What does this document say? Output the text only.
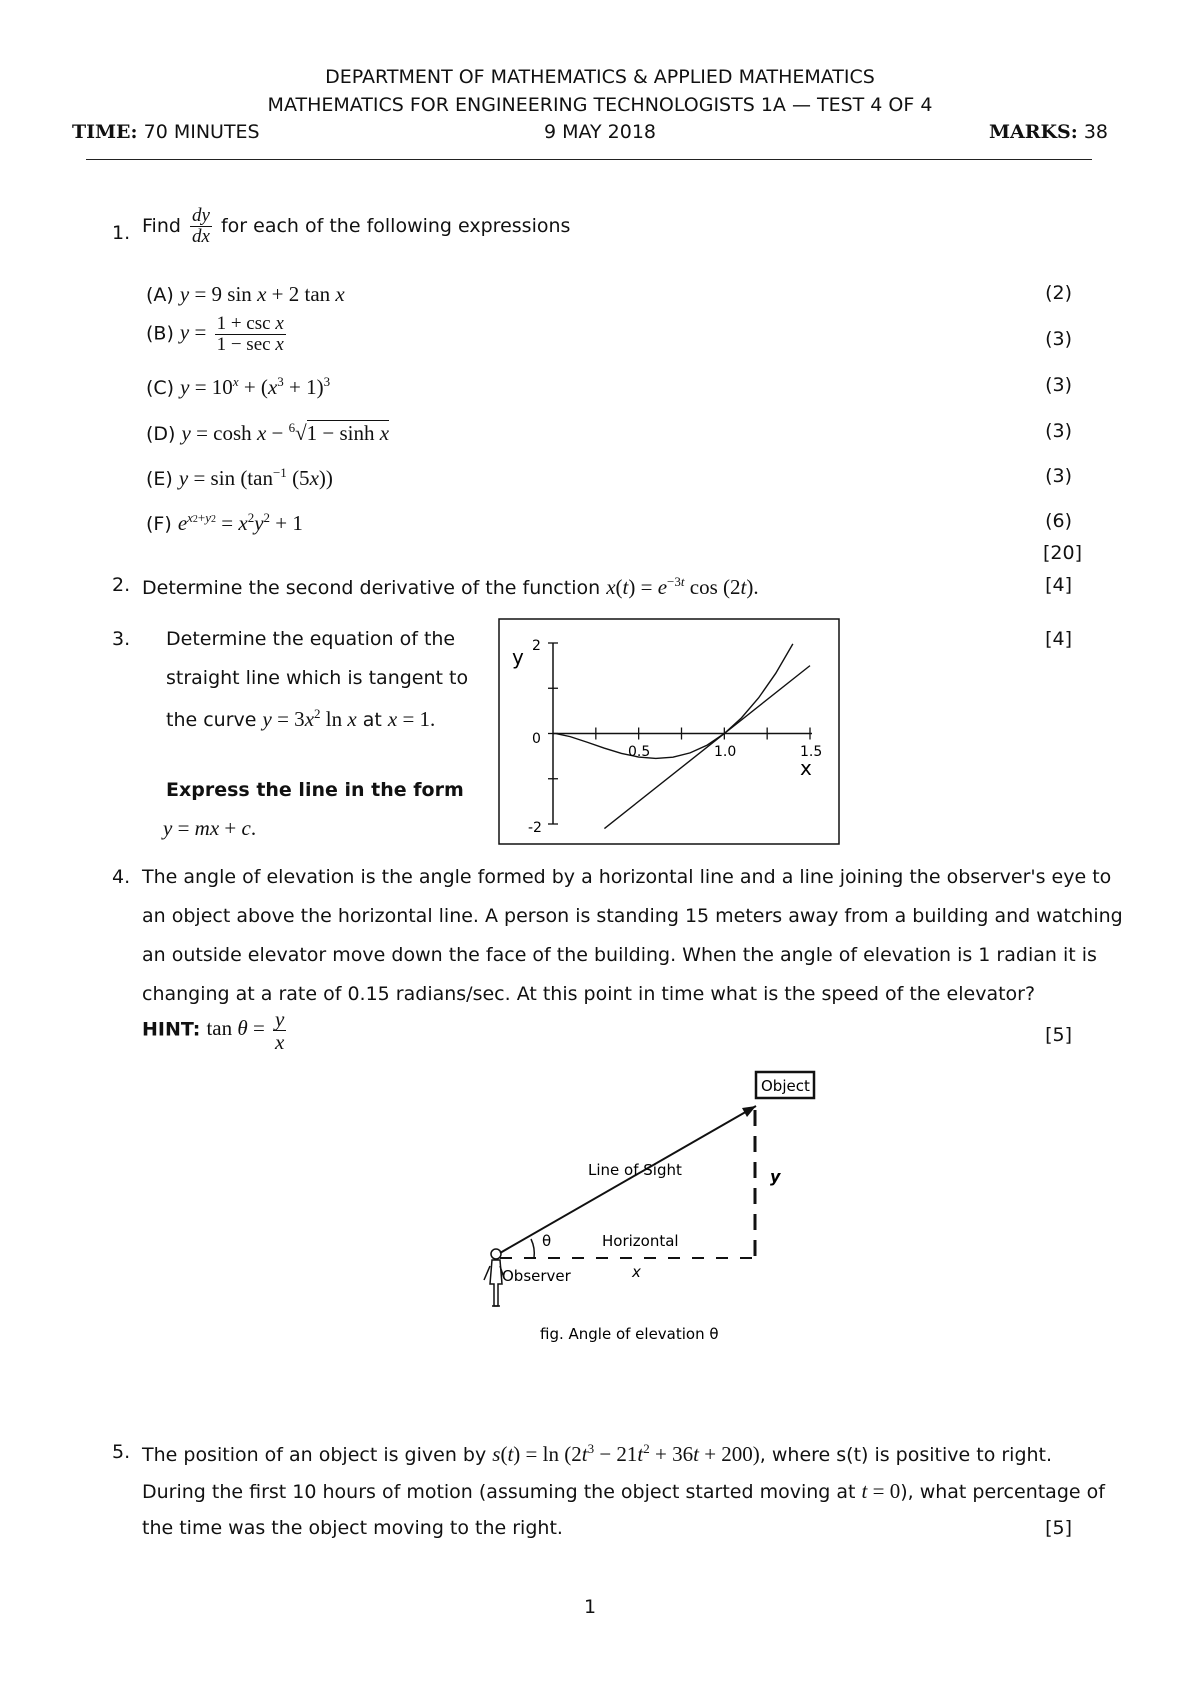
DEPARTMENT OF MATHEMATICS & APPLIED MATHEMATICS
MATHEMATICS FOR ENGINEERING TECHNOLOGISTS 1A — TEST 4 OF 4
TIME: 70 MINUTES	9 MAY 2018	MARKS: 38
1. Find $\frac{dy}{dx}$ for each of the following expressions
(A) y = 9 sin x + 2 tan x	(2)
(B) $y = \frac{\text{1 + csc x}}{\text{1 − sec x}}$	(3)
(C) $y = 10^x + (x^3 + 1)^3$	(3)
(D) y = cosh x − $^6$√1 − sinh x	(3)
(E) $y = \sin (\tan^{-1}$ (5x))	(3)
(F) $e^{x2+y2} = x^2y^2 + 1$	(6)
[20]
2. Determine the second derivative of the function $x(t) = e^{-3t}$ cos (2t).	[4]
3. Determine the equation of the
straight line which is tangent to
the curve $y = 3x^2$ ln x at x = 1.
Express the line in the form
y = mx + c.
[4]
y
x
2
0
-2
0.5	1.0	1.5
4. The angle of elevation is the angle formed by a horizontal line and a line joining the observer's eye to
an object above the horizontal line. A person is standing 15 meters away from a building and watching
an outside elevator move down the face of the building. When the angle of elevation is 1 radian it is
changing at a rate of 0.15 radians/sec. At this point in time what is the speed of the elevator?
HINT: $\tan \theta = \frac{y}{x}$	[5]
Object
θ
Line of Sight
Horizontal
x
y
Observer
fig. Angle of elevation θ
5. The position of an object is given by $s(t) = \ln (2t^3 - 21t^2 + 36t + 200)$, where s(t) is positive to right.
During the first 10 hours of motion (assuming the object started moving at t = 0), what percentage of
the time was the object moving to the right.	[5]
1
